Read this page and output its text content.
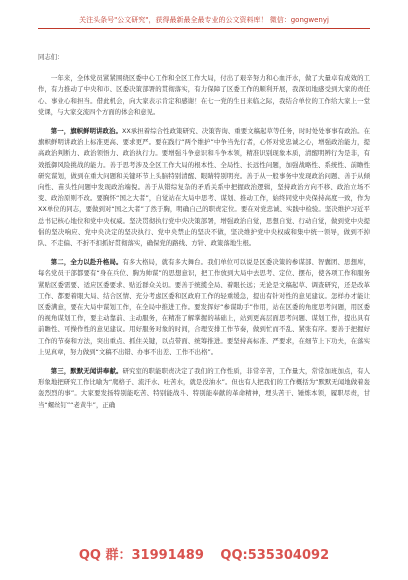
关注头条号"公文研究"，获得最新最全最专业的公文资料库！ 微信：gongwenyj

同志们：

一年来，全体党员紧紧围绕区委中心工作和全区工作大局，付出了艰辛努力和心血汗水，做了大量卓有成效的工作，有力推动了中央和市、区委决策部署的贯彻落实，有力保障了区委工作的顺利开展，我深切地感受到大家的责任心、事业心和担当。借此机会，向大家表示肯定和感谢！在七一党的生日来临之际，我结合单位的工作给大家上一堂党课，与大家交流四个方面的体会和意见。

第一，旗帜鲜明讲政治。XX承担着综合性政策研究、决策咨询、重要文稿起草等任务，时时处处事事有政治。在旗帜鲜明讲政治上标准更高、要求更严。要在践行“两个维护”中争当先行者，心怀对党忠诚之心，增强政治能力，提高政治判断力、政治领悟力、政治执行力。要增强斗争意识和斗争本领，精准识别现象本质，清醒明辨行为是非，有效抵御风险挑战的能力。善于思考涉及全区工作大局的根本性、全局性、长远性问题，加强战略性、系统性、前瞻性研究谋划，做到在重大问题和关键环节上头脑特别清醒、眼睛特别明亮。善于从一般事务中发现政治问题、善于从倾向性、苗头性问题中发现政治端倪。善于从错综复杂的矛盾关系中把握政治逻辑，坚持政治方向不移、政治立场不变、政治原则不改。要胸怀“国之大者”，自觉站在大局中思考、谋划、推动工作，始终同党中央保持高度一致，作为XX单位的同志，要做到对“国之大者”了然于胸，明确自己的职责定位。要在对党忠诚、实践中检验。坚决维护习近平总书记核心地位和党中央权威。坚决贯彻执行党中央决策部署，增强政治自觉，思想自觉、行动自觉，做到党中央提倡的坚决响应、党中央决定的坚决执行、党中央禁止的坚决不做，坚决维护党中央权威和集中统一领导，做到不掉队、不走偏、不折不扣抓好贯彻落实，确保党的路线、方针、政策落地生根。

第二，全力以赴升格局。有多大格局，就有多大舞台。我们单位可以说是区委决策的参谋部、智囊团、思想库，每名党员干部都要有“身在兵位、胸为帅谋”的思想意识，把工作放到大局中去思考、定位、摆布，使各项工作和服务紧贴区委需要、适应区委要求、贴近群众关切。要善于统揽全局、着眼长远；无论是文稿起草、调查研究，还是改革工作、都要着眼大局、结合区情、充分考虑区委和区政府工作的轻重缓急，提出有针对性的意见建议。怎样办才能让区委满意，要在大局中谋划工作，在全局中推进工作。要发挥好“参谋助手”作用，站在区委的角度思考问题，用区委的视角谋划工作，要主动靠前、主动服务，在精准了解掌握的基础上，站到更高层面思考问题、谋划工作，提出具有前瞻性、可操作性的意见建议。用好服务对象的时间，合理安排工作节奏，做到忙而不乱、紧张有序。要善于把握好工作的节奏和方法，突出重点、抓住关键，以点带面、统筹推进。要坚持高标准、严要求，在细节上下功夫，在落实上见真章，努力做到“文稿不出错、办事不出差、工作不出格”。

第三，默默无闻讲奉献。研究室的职能职责决定了我们的工作性质，非常辛苦，工作量大，常常加班加点，有人形象地把研究工作比喻为“爬格子、流汗水、吐苦水，就是没油水”。但也有人把我们的工作概括为“默默无闻地做着轰轰烈烈的事”。大家要发扬特别能吃苦、特别能战斗、特别能奉献的革命精神，埋头苦干、锤炼本领，履职尽责，甘当“螺丝钉”“老黄牛”，正确

QQ 群：31991489 QQ:535304092
